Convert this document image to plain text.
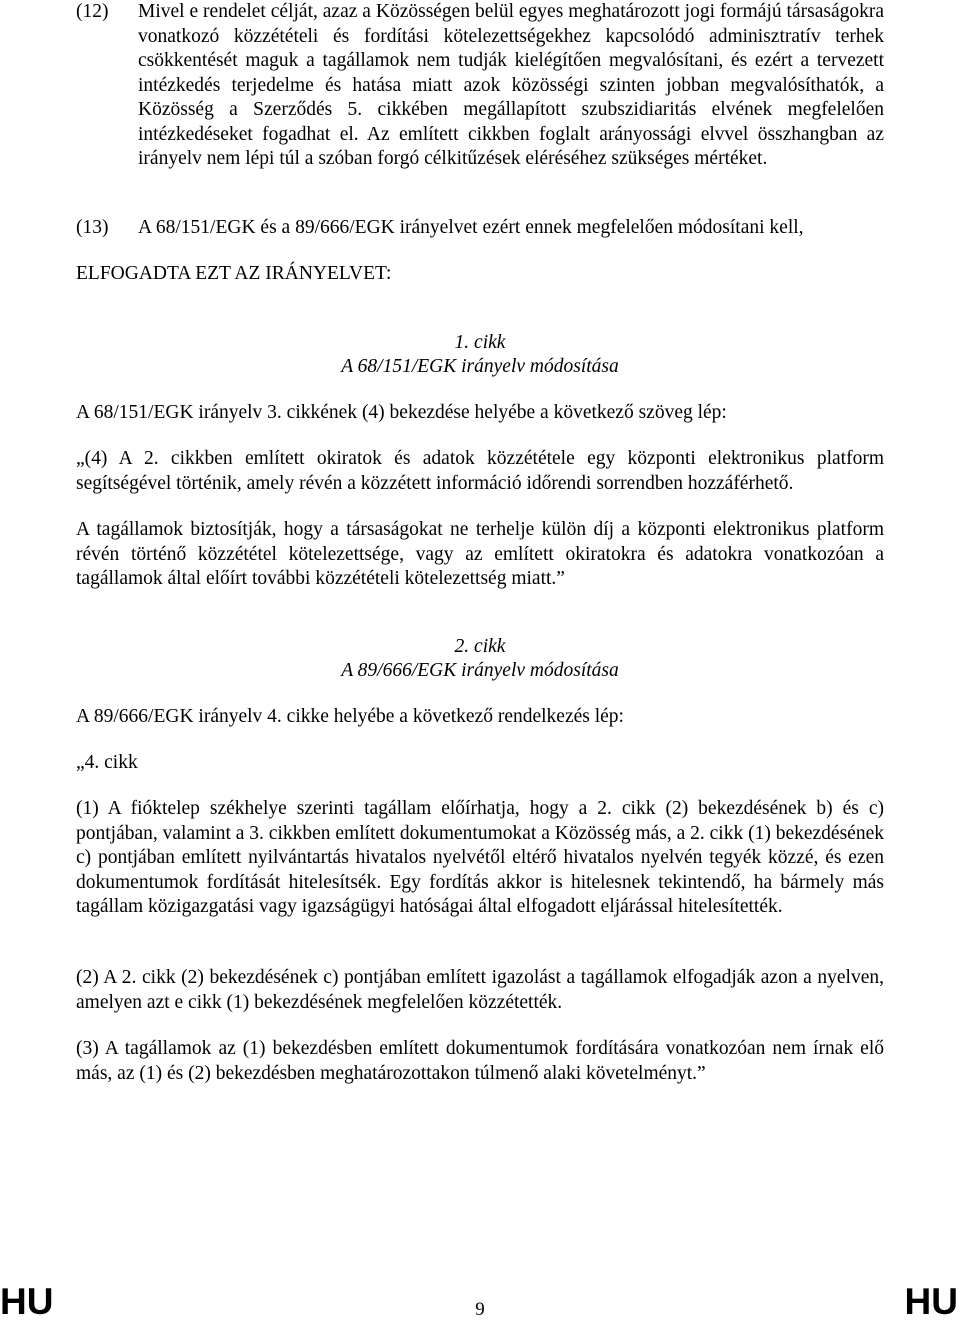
(12) Mivel e rendelet célját, azaz a Közösségen belül egyes meghatározott jogi formájú társaságokra vonatkozó közzétételi és fordítási kötelezettségekhez kapcsolódó adminisztratív terhek csökkentését maguk a tagállamok nem tudják kielégítően megvalósítani, és ezért a tervezett intézkedés terjedelme és hatása miatt azok közösségi szinten jobban megvalósíthatók, a Közösség a Szerződés 5. cikkében megállapított szubszidiaritás elvének megfelelően intézkedéseket fogadhat el. Az említett cikkben foglalt arányossági elvvel összhangban az irányelv nem lépi túl a szóban forgó célkitűzések eléréséhez szükséges mértéket.

(13) A 68/151/EGK és a 89/666/EGK irányelvet ezért ennek megfelelően módosítani kell,

ELFOGADTA EZT AZ IRÁNYELVET:

1. cikk

A 68/151/EGK irányelv módosítása

A 68/151/EGK irányelv 3. cikkének (4) bekezdése helyébe a következő szöveg lép:

„(4) A 2. cikkben említett okiratok és adatok közzététele egy központi elektronikus platform segítségével történik, amely révén a közzétett információ időrendi sorrendben hozzáférhető.

A tagállamok biztosítják, hogy a társaságokat ne terhelje külön díj a központi elektronikus platform révén történő közzététel kötelezettsége, vagy az említett okiratokra és adatokra vonatkozóan a tagállamok által előírt további közzétételi kötelezettség miatt.”

2. cikk

A 89/666/EGK irányelv módosítása

A 89/666/EGK irányelv 4. cikke helyébe a következő rendelkezés lép:

„4. cikk

(1) A fióktelep székhelye szerinti tagállam előírhatja, hogy a 2. cikk (2) bekezdésének b) és c) pontjában, valamint a 3. cikkben említett dokumentumokat a Közösség más, a 2. cikk (1) bekezdésének c) pontjában említett nyilvántartás hivatalos nyelvétől eltérő hivatalos nyelvén tegyék közzé, és ezen dokumentumok fordítását hitelesítsék. Egy fordítás akkor is hitelesnek tekintendő, ha bármely más tagállam közigazgatási vagy igazságügyi hatóságai által elfogadott eljárással hitelesítették.

(2) A 2. cikk (2) bekezdésének c) pontjában említett igazolást a tagállamok elfogadják azon a nyelven, amelyen azt e cikk (1) bekezdésének megfelelően közzétették.

(3) A tagállamok az (1) bekezdésben említett dokumentumok fordítására vonatkozóan nem írnak elő más, az (1) és (2) bekezdésben meghatározottakon túlmenő alaki követelményt.”

HU	9	HU
